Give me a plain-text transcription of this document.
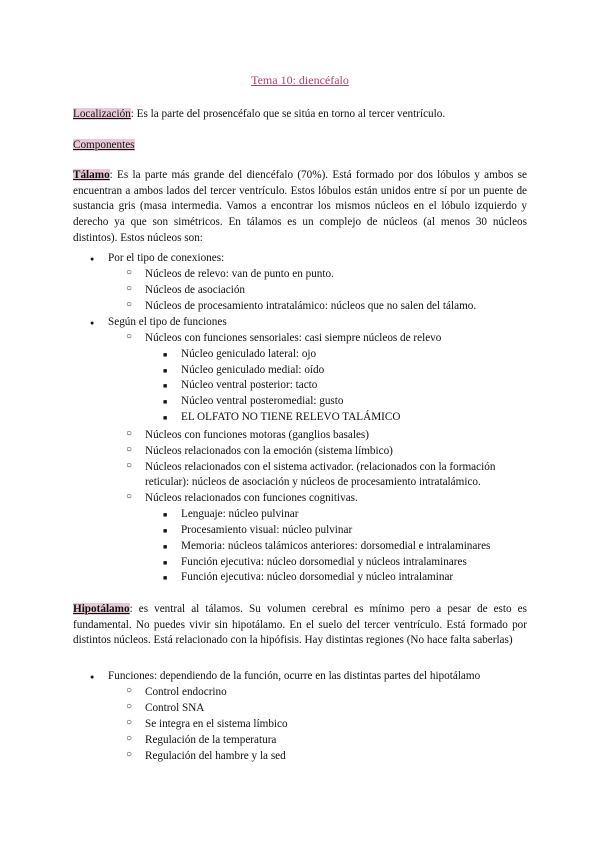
Tema 10: diencéfalo
Localización: Es la parte del prosencéfalo que se sitúa en torno al tercer ventrículo.
Componentes
Tálamo: Es la parte más grande del diencéfalo (70%). Está formado por dos lóbulos y ambos se encuentran a ambos lados del tercer ventrículo. Estos lóbulos están unidos entre sí por un puente de sustancia gris (masa intermedia. Vamos a encontrar los mismos núcleos en el lóbulo izquierdo y derecho ya que son simétricos. En tálamos es un complejo de núcleos (al menos 30 núcleos distintos). Estos núcleos son:
●
Por el tipo de conexiones:
○
Núcleos de relevo: van de punto en punto.
○
Núcleos de asociación
○
Núcleos de procesamiento intratalámico: núcleos que no salen del tálamo.
●
Según el tipo de funciones
○
Núcleos con funciones sensoriales: casi siempre núcleos de relevo
■
Núcleo geniculado lateral: ojo
■
Núcleo geniculado medial: oído
■
Núcleo ventral posterior: tacto
■
Núcleo ventral posteromedial: gusto
■
EL OLFATO NO TIENE RELEVO TALÁMICO
○
Núcleos con funciones motoras (ganglios basales)
○
Núcleos relacionados con la emoción (sistema límbico)
○
Núcleos relacionados con el sistema activador. (relacionados con la formación
reticular): núcleos de asociación y núcleos de procesamiento intratalámico.
○
Núcleos relacionados con funciones cognitivas.
■
Lenguaje: núcleo pulvinar
■
Procesamiento visual: núcleo pulvinar
■
Memoria: núcleos talámicos anteriores: dorsomedial e intralaminares
■
Función ejecutiva: núcleo dorsomedial y núcleos intralaminares
■
Función ejecutiva: núcleo dorsomedial y núcleo intralaminar
Hipotálamo: es ventral al tálamos. Su volumen cerebral es mínimo pero a pesar de esto es fundamental. No puedes vivir sin hipotálamo. En el suelo del tercer ventrículo. Está formado por distintos núcleos. Está relacionado con la hipófisis. Hay distintas regiones (No hace falta saberlas)
●
Funciones: dependiendo de la función, ocurre en las distintas partes del hipotálamo
○
Control endocrino
○
Control SNA
○
Se integra en el sistema límbico
○
Regulación de la temperatura
○
Regulación del hambre y la sed
